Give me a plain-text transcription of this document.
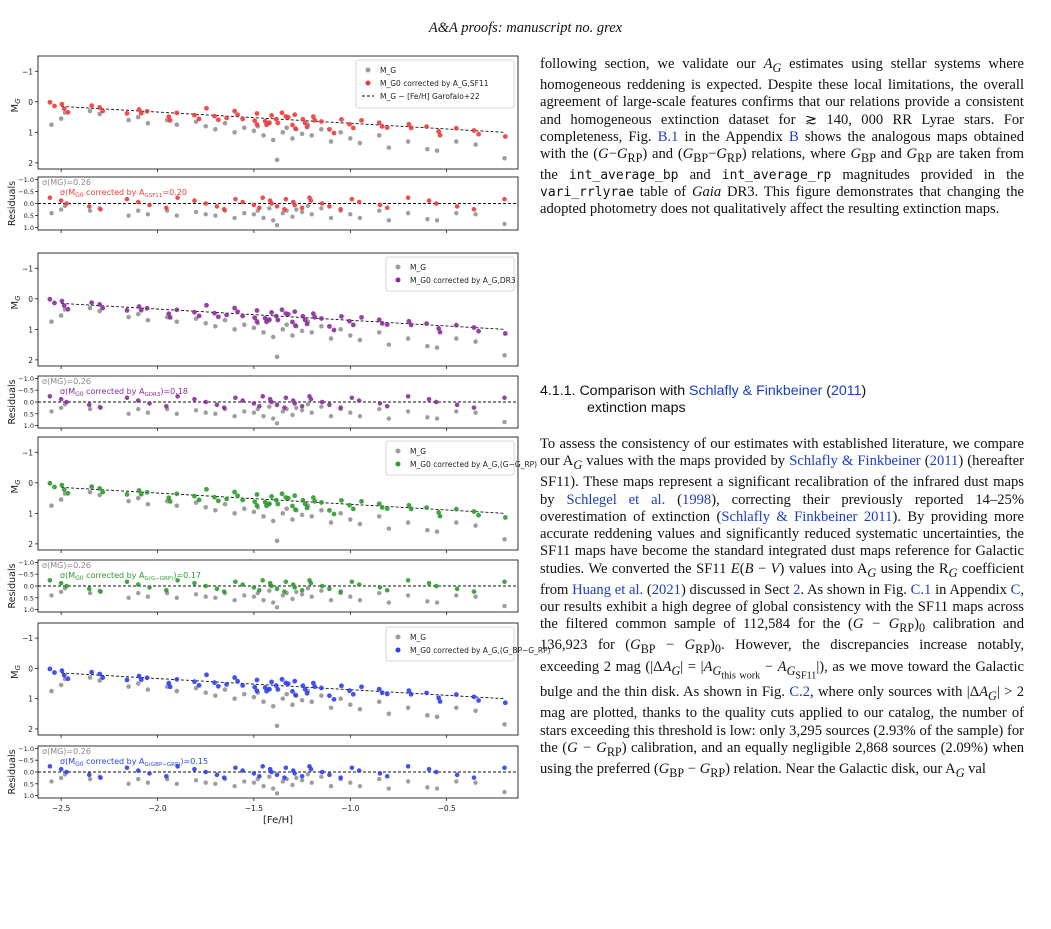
A&A proofs: manuscript no. grex
$M_G$
−1
0
1
2
M_G
M_G0 corrected by A_G,SF11
M_G − [Fe/H] Garofalo+22
Residuals
−1.0
−0.5
0.0
0.5
1.0
σ(MG)=0.26
$\sigma(M_{G0}$ corrected by $A_{GSF11}=0.20$
$M_G$
−1
0
1
2
M_G
M_G0 corrected by A_G,DR3
Residuals
−1.0
−0.5
0.0
0.5
1.0
σ(MG)=0.26
$\sigma(M_{G0}$ corrected by $A_{GDR3})=0.18$
$M_G$
−1
0
1
2
M_G
M_G0 corrected by A_G,(G−G_RP)
Residuals
−1.0
−0.5
0.0
0.5
1.0
σ(MG)=0.26
$\sigma(M_{G0}$ corrected by $A_{G(G-GRP)})=0.17$
$M_G$
−1
0
1
2
M_G
M_G0 corrected by A_G,(G_BP−G_RP)
Residuals
−1.0
−0.5
0.0
0.5
1.0
σ(MG)=0.26
$\sigma(M_{G0}$ corrected by $A_{G(GBP-GRP)})=0.15$
−2.5	−2.0	−1.5	−1.0	−0.5
[Fe/H]

following section, we validate our $A_G$ estimates using stellar systems where homogeneous reddening is expected. Despite these local limitations, the overall agreement of large-scale features confirms that our relations provide a consistent and homogeneous extinction dataset for ≳ 140, 000 RR Lyrae stars. For completeness, Fig. B.1 in the Appendix B shows the analogous maps obtained with the $(G-G_{RP})$ and $(G_{BP}-G_{RP})$ relations, where $G_{BP}$ and $G_{RP}$ are taken from the int_average_bp and int_average_rp magnitudes provided in the vari_rrlyrae table of Gaia DR3. This figure demonstrates that changing the adopted photometry does not qualitatively affect the resulting extinction maps.

4.1.1. Comparison with Schlafly & Finkbeiner (2011)
extinction maps

To assess the consistency of our estimates with established literature, we compare our $A_G$ values with the maps provided by Schlafly & Finkbeiner (2011) (hereafter SF11). These maps represent a significant recalibration of the infrared dust maps by Schlegel et al. (1998), correcting their previously reported 14–25% overestimation of extinction (Schlafly & Finkbeiner 2011). By providing more accurate reddening values and significantly reduced systematic uncertainties, the SF11 maps have become the standard integrated dust maps reference for Galactic studies. We converted the SF11 E(B − V) values into $A_G$ using the $R_G$ coefficient from Huang et al. (2021) discussed in Sect 2. As shown in Fig. C.1 in Appendix C, our results exhibit a high degree of global consistency with the SF11 maps across the filtered common sample of 112,584 for the $(G - G_{RP})_0$ calibration and 136,923 for $(G_{BP} - G_{RP})_0$. However, the discrepancies increase notably, exceeding 2 mag $(|\Delta A_G| = |A_{G_{this work}} - A_{G_{SF11}}|)$, as we move toward the Galactic bulge and the thin disk. As shown in Fig. C.2, where only sources with $|\Delta A_G| > 2$ mag are plotted, thanks to the quality cuts applied to our catalog, the number of stars exceeding this threshold is low: only 3,295 sources (2.93% of the sample) for the $(G - G_{RP})$ calibration, and an equally negligible 2,868 sources (2.09%) when using the preferred $(G_{BP} - G_{RP})$ relation. Near the Galactic disk, our $A_G$ val
